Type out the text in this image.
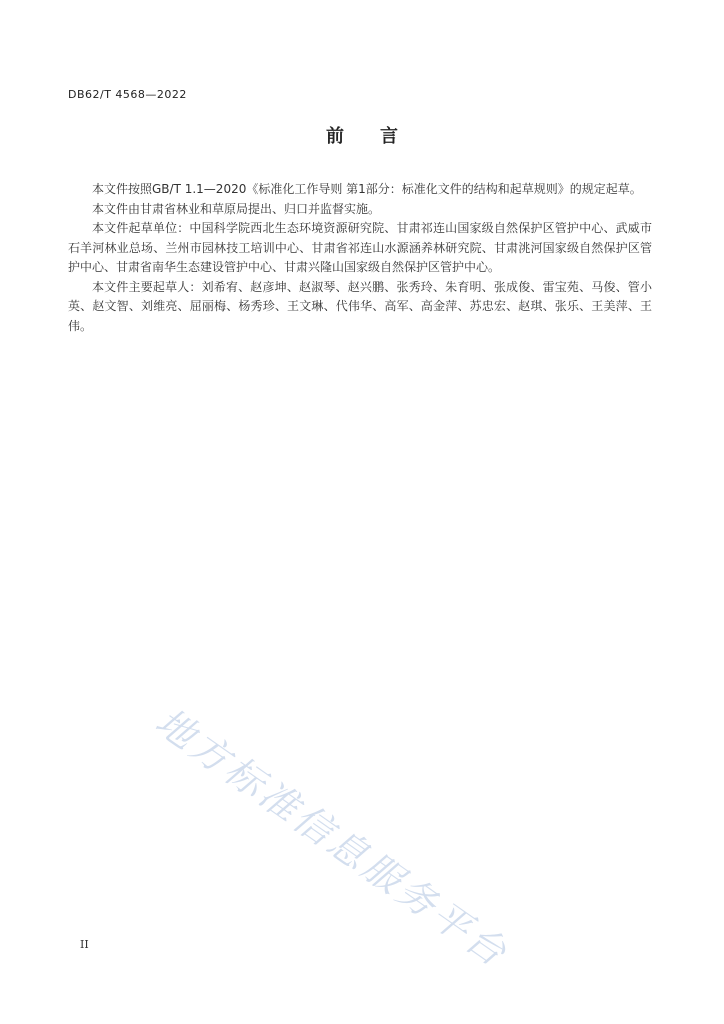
DB62/T 4568—2022
前言

本文件按照GB/T 1.1—2020《标准化工作导则 第1部分：标准化文件的结构和起草规则》的规定起草。

本文件由甘肃省林业和草原局提出、归口并监督实施。

本文件起草单位：中国科学院西北生态环境资源研究院、甘肃祁连山国家级自然保护区管护中心、武威市石羊河林业总场、兰州市园林技工培训中心、甘肃省祁连山水源涵养林研究院、甘肃洮河国家级自然保护区管护中心、甘肃省南华生态建设管护中心、甘肃兴隆山国家级自然保护区管护中心。

本文件主要起草人：刘希宥、赵彦坤、赵淑琴、赵兴鹏、张秀玲、朱育明、张成俊、雷宝苑、马俊、管小英、赵文智、刘维亮、屈丽梅、杨秀珍、王文琳、代伟华、高军、高金萍、苏忠宏、赵琪、张乐、王美萍、王伟。

地方标准信息服务平台
II
